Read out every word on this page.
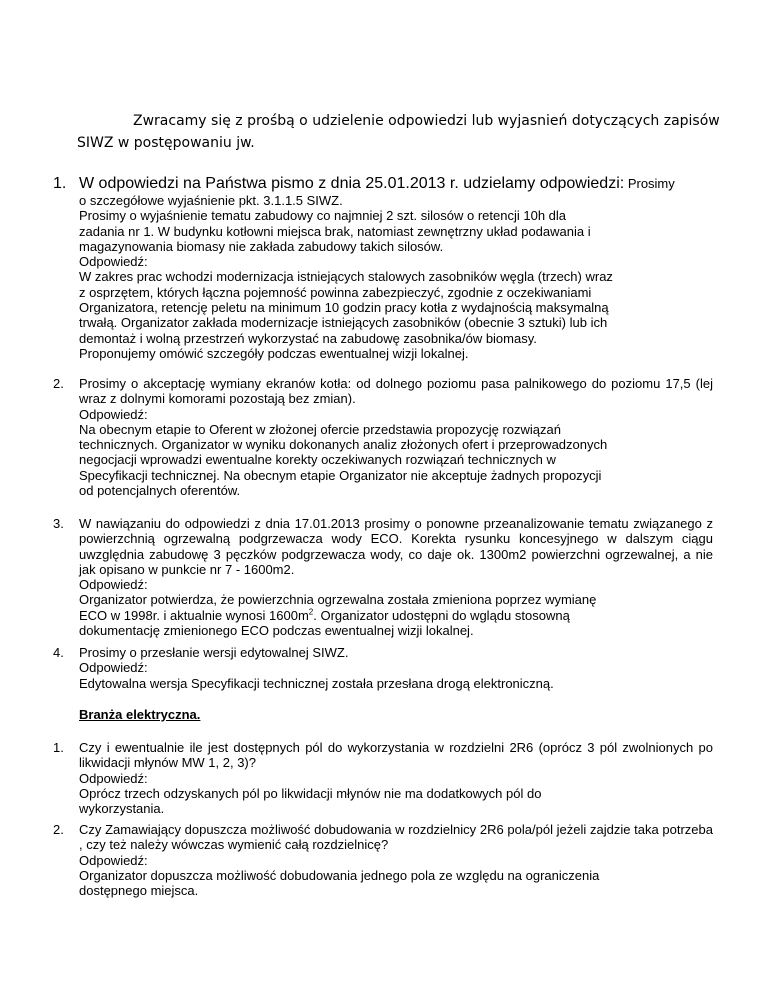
Zwracamy się z prośbą o udzielenie odpowiedzi lub wyjasnień dotyczących zapisów
SIWZ w postępowaniu jw.
1. W odpowiedzi na Państwa pismo z dnia 25.01.2013 r. udzielamy odpowiedzi: Prosimy

o szczegółowe wyjaśnienie pkt. 3.1.1.5 SIWZ.

Prosimy o wyjaśnienie tematu zabudowy co najmniej 2 szt. silosów o retencji 10h dla

zadania nr 1. W budynku kotłowni miejsca brak, natomiast zewnętrzny układ podawania i

magazynowania biomasy nie zakłada zabudowy takich silosów.

Odpowiedź:

W zakres prac wchodzi modernizacja istniejących stalowych zasobników węgla (trzech) wraz

z osprzętem, których łączna pojemność powinna zabezpieczyć, zgodnie z oczekiwaniami

Organizatora, retencję peletu na minimum 10 godzin pracy kotła z wydajnością maksymalną

trwałą. Organizator zakłada modernizacje istniejących zasobników (obecnie 3 sztuki) lub ich

demontaż i wolną przestrzeń wykorzystać na zabudowę zasobnika/ów biomasy.

Proponujemy omówić szczegóły podczas ewentualnej wizji lokalnej.

2.	Prosimy o akceptację wymiany ekranów kotła: od dolnego poziomu pasa palnikowego do poziomu 17,5 (lej wraz z dolnymi komorami pozostają bez zmian).

Odpowiedź:

Na obecnym etapie to Oferent w złożonej ofercie przedstawia propozycję rozwiązań

technicznych. Organizator w wyniku dokonanych analiz złożonych ofert i przeprowadzonych

negocjacji wprowadzi ewentualne korekty oczekiwanych rozwiązań technicznych w

Specyfikacji technicznej. Na obecnym etapie Organizator nie akceptuje żadnych propozycji

od potencjalnych oferentów.

3.	W nawiązaniu do odpowiedzi z dnia 17.01.2013 prosimy o ponowne przeanalizowanie tematu związanego z powierzchnią ogrzewalną podgrzewacza wody ECO. Korekta rysunku koncesyjnego w dalszym ciągu uwzględnia zabudowę 3 pęczków podgrzewacza wody, co daje ok. 1300m2 powierzchni ogrzewalnej, a nie jak opisano w punkcie nr 7 - 1600m2.

Odpowiedź:

Organizator potwierdza, że powierzchnia ogrzewalna została zmieniona poprzez wymianę

ECO w 1998r. i aktualnie wynosi $1600m^2$. Organizator udostępni do wglądu stosowną

dokumentację zmienionego ECO podczas ewentualnej wizji lokalnej.

4.	Prosimy o przesłanie wersji edytowalnej SIWZ.

Odpowiedź:

Edytowalna wersja Specyfikacji technicznej została przesłana drogą elektroniczną.

Branża elektryczna.
1.	Czy i ewentualnie ile jest dostępnych pól do wykorzystania w rozdzielni 2R6 (oprócz 3 pól zwolnionych po likwidacji młynów MW 1, 2, 3)?

Odpowiedź:

Oprócz trzech odzyskanych pól po likwidacji młynów nie ma dodatkowych pól do

wykorzystania.

2.	Czy Zamawiający dopuszcza możliwość dobudowania w rozdzielnicy 2R6 pola/pól jeżeli zajdzie taka potrzeba , czy też należy wówczas wymienić całą rozdzielnicę?

Odpowiedź:

Organizator dopuszcza możliwość dobudowania jednego pola ze względu na ograniczenia

dostępnego miejsca.
